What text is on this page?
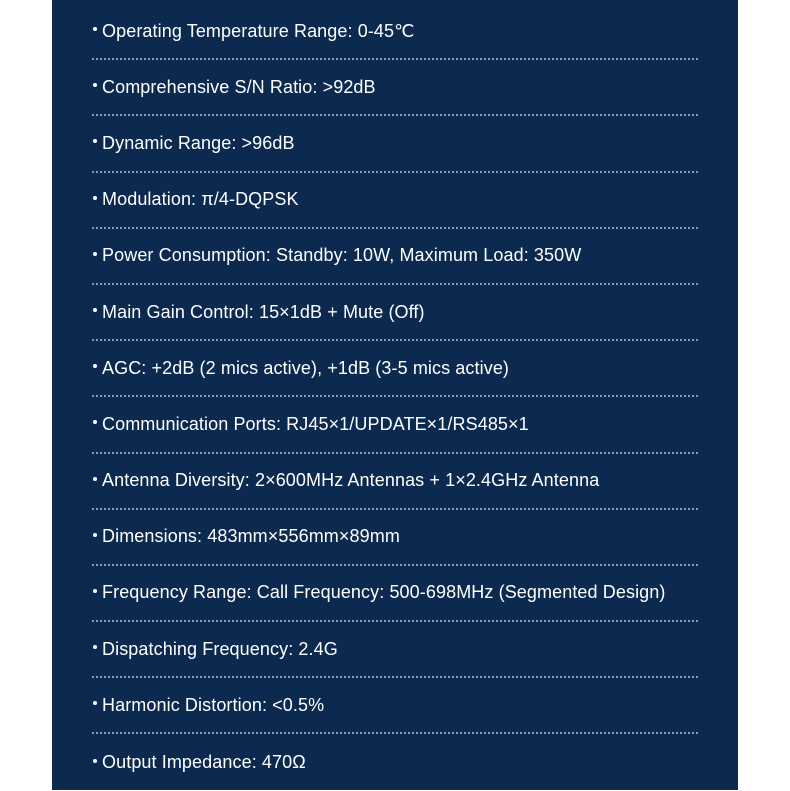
Operating Temperature Range: 0-45℃
Comprehensive S/N Ratio: >92dB
Dynamic Range: >96dB
Modulation: π/4-DQPSK
Power Consumption: Standby: 10W, Maximum Load: 350W
Main Gain Control: 15×1dB + Mute (Off)
AGC: +2dB (2 mics active), +1dB (3-5 mics active)
Communication Ports: RJ45×1/UPDATE×1/RS485×1
Antenna Diversity: 2×600MHz Antennas + 1×2.4GHz Antenna
Dimensions: 483mm×556mm×89mm
Frequency Range: Call Frequency: 500-698MHz (Segmented Design)
Dispatching Frequency: 2.4G
Harmonic Distortion: <0.5%
Output Impedance: 470Ω
